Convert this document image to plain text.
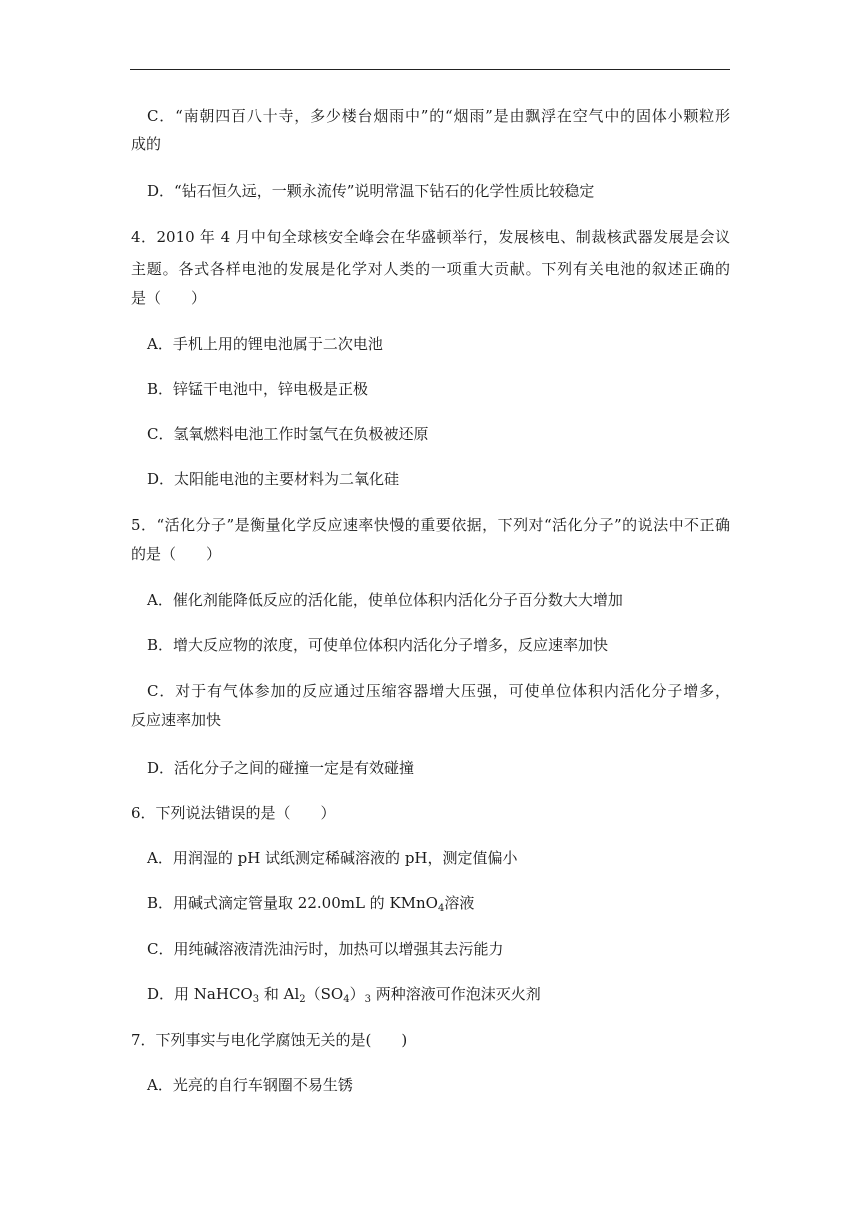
C．“南朝四百八十寺，多少楼台烟雨中”的“烟雨”是由飘浮在空气中的固体小颗粒形
成的
D．“钻石恒久远，一颗永流传”说明常温下钻石的化学性质比较稳定
4．2010 年 4 月中旬全球核安全峰会在华盛顿举行，发展核电、制裁核武器发展是会议
主题。各式各样电池的发展是化学对人类的一项重大贡献。下列有关电池的叙述正确的
是（　　）
A．手机上用的锂电池属于二次电池
B．锌锰干电池中，锌电极是正极
C．氢氧燃料电池工作时氢气在负极被还原
D．太阳能电池的主要材料为二氧化硅
5．“活化分子”是衡量化学反应速率快慢的重要依据，下列对“活化分子”的说法中不正确
的是（　　）
A．催化剂能降低反应的活化能，使单位体积内活化分子百分数大大增加
B．增大反应物的浓度，可使单位体积内活化分子增多，反应速率加快
C．对于有气体参加的反应通过压缩容器增大压强，可使单位体积内活化分子增多，
反应速率加快
D．活化分子之间的碰撞一定是有效碰撞
6．下列说法错误的是（　　）
A．用润湿的 pH 试纸测定稀碱溶液的 pH，测定值偏小
B．用碱式滴定管量取 22.00mL 的 KMnO$_4$溶液
C．用纯碱溶液清洗油污时，加热可以增强其去污能力
D．用 NaHCO$_3$ 和 $Al_2(SO_4)_3$ 两种溶液可作泡沫灭火剂
7．下列事实与电化学腐蚀无关的是(　　)
A．光亮的自行车钢圈不易生锈
